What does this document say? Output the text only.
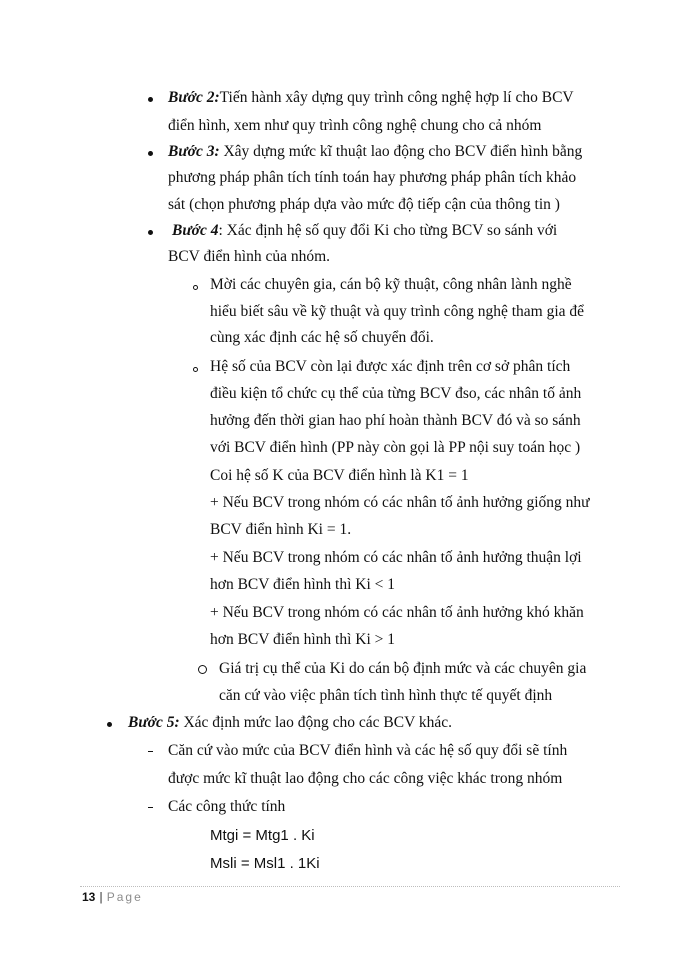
Bước 2:Tiến hành xây dựng quy trình công nghệ hợp lí cho BCV
điển hình, xem như quy trình công nghệ chung cho cả nhóm
Bước 3: Xây dựng mức kĩ thuật lao động cho BCV điển hình bằng
phương pháp phân tích tính toán hay phương pháp phân tích khảo
sát (chọn phương pháp dựa vào mức độ tiếp cận của thông tin )
Bước 4: Xác định hệ số quy đổi Ki cho từng BCV so sánh với
BCV điển hình của nhóm.
Mời các chuyên gia, cán bộ kỹ thuật, công nhân lành nghề
hiểu biết sâu về kỹ thuật và quy trình công nghệ tham gia để
cùng xác định các hệ số chuyển đổi.
Hệ số của BCV còn lại được xác định trên cơ sở phân tích
điều kiện tổ chức cụ thể của từng BCV đso, các nhân tố ảnh
hưởng đến thời gian hao phí hoàn thành BCV đó và so sánh
với BCV điển hình (PP này còn gọi là PP nội suy toán học )
Coi hệ số K của BCV điển hình là K1 = 1
+ Nếu BCV trong nhóm có các nhân tố ảnh hưởng giống như
BCV điển hình Ki = 1.
+ Nếu BCV trong nhóm có các nhân tố ảnh hưởng thuận lợi
hơn BCV điển hình thì Ki < 1
+ Nếu BCV trong nhóm có các nhân tố ảnh hưởng khó khăn
hơn BCV điển hình thì Ki > 1
Giá trị cụ thể của Ki do cán bộ định mức và các chuyên gia
căn cứ vào việc phân tích tình hình thực tế quyết định
Bước 5: Xác định mức lao động cho các BCV khác.
Căn cứ vào mức của BCV điển hình và các hệ số quy đổi sẽ tính
được mức kĩ thuật lao động cho các công việc khác trong nhóm
Các công thức tính
Mtgi = Mtg1 . Ki
Msli = Msl1 . 1Ki
13 | Page
